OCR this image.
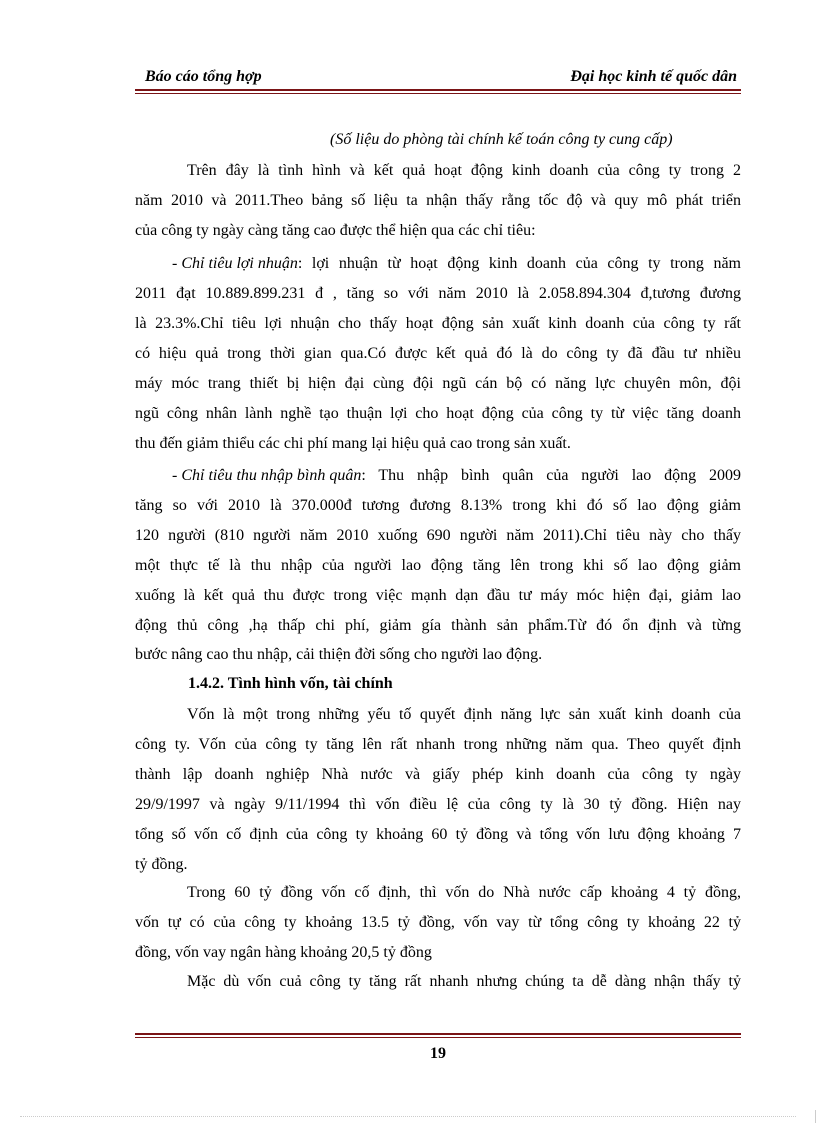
Báo cáo tổng hợp	Đại học kinh tế quốc dân
(Số liệu do phòng tài chính kế toán công ty cung cấp)
Trên đây là tình hình và kết quả hoạt động kinh doanh của công ty trong 2
năm 2010 và 2011.Theo bảng số liệu ta nhận thấy rằng tốc độ và quy mô phát triển
của công ty ngày càng tăng cao được thể hiện qua các chỉ tiêu:
- Chỉ tiêu lợi nhuận : lợi nhuận từ hoạt động kinh doanh của công ty trong năm
2011 đạt 10.889.899.231 đ , tăng so với năm 2010 là 2.058.894.304 đ,tương đương
là 23.3%.Chỉ tiêu lợi nhuận cho thấy hoạt động sản xuất kinh doanh của công ty rất
có hiệu quả trong thời gian qua.Có được kết quả đó là do công ty đã đầu tư nhiều
máy móc trang thiết bị hiện đại cùng đội ngũ cán bộ có năng lực chuyên môn, đội
ngũ công nhân lành nghề tạo thuận lợi cho hoạt động của công ty từ việc tăng doanh
thu đến giảm thiểu các chi phí mang lại hiệu quả cao trong sản xuất.
- Chỉ tiêu thu nhập bình quân : Thu nhập bình quân của người lao động 2009
tăng so với 2010 là 370.000đ tương đương 8.13% trong khi đó số lao động giảm
120 người (810 người năm 2010 xuống 690 người năm 2011).Chỉ tiêu này cho thấy
một thực tế là thu nhập của người lao động tăng lên trong khi số lao động giảm
xuống là kết quả thu được trong việc mạnh dạn đầu tư máy móc hiện đại, giảm lao
động thủ công ,hạ thấp chi phí, giảm gía thành sản phẩm.Từ đó ổn định và từng
bước nâng cao thu nhập, cải thiện đời sống cho người lao động.
1.4.2. Tình hình vốn, tài chính
Vốn là một trong những yếu tố quyết định năng lực sản xuất kinh doanh của
công ty. Vốn của công ty tăng lên rất nhanh trong những năm qua. Theo quyết định
thành lập doanh nghiệp Nhà nước và giấy phép kinh doanh của công ty ngày
29/9/1997 và ngày 9/11/1994 thì vốn điều lệ của công ty là 30 tỷ đồng. Hiện nay
tổng số vốn cố định của công ty khoảng 60 tỷ đồng và tổng vốn lưu động khoảng 7
tỷ đồng.
Trong 60 tỷ đồng vốn cố định, thì vốn do Nhà nước cấp khoảng 4 tỷ đồng,
vốn tự có của công ty khoảng 13.5 tỷ đồng, vốn vay từ tổng công ty khoảng 22 tỷ
đồng, vốn vay ngân hàng khoảng 20,5 tỷ đồng
Mặc dù vốn cuả công ty tăng rất nhanh nhưng chúng ta dễ dàng nhận thấy tỷ
19
